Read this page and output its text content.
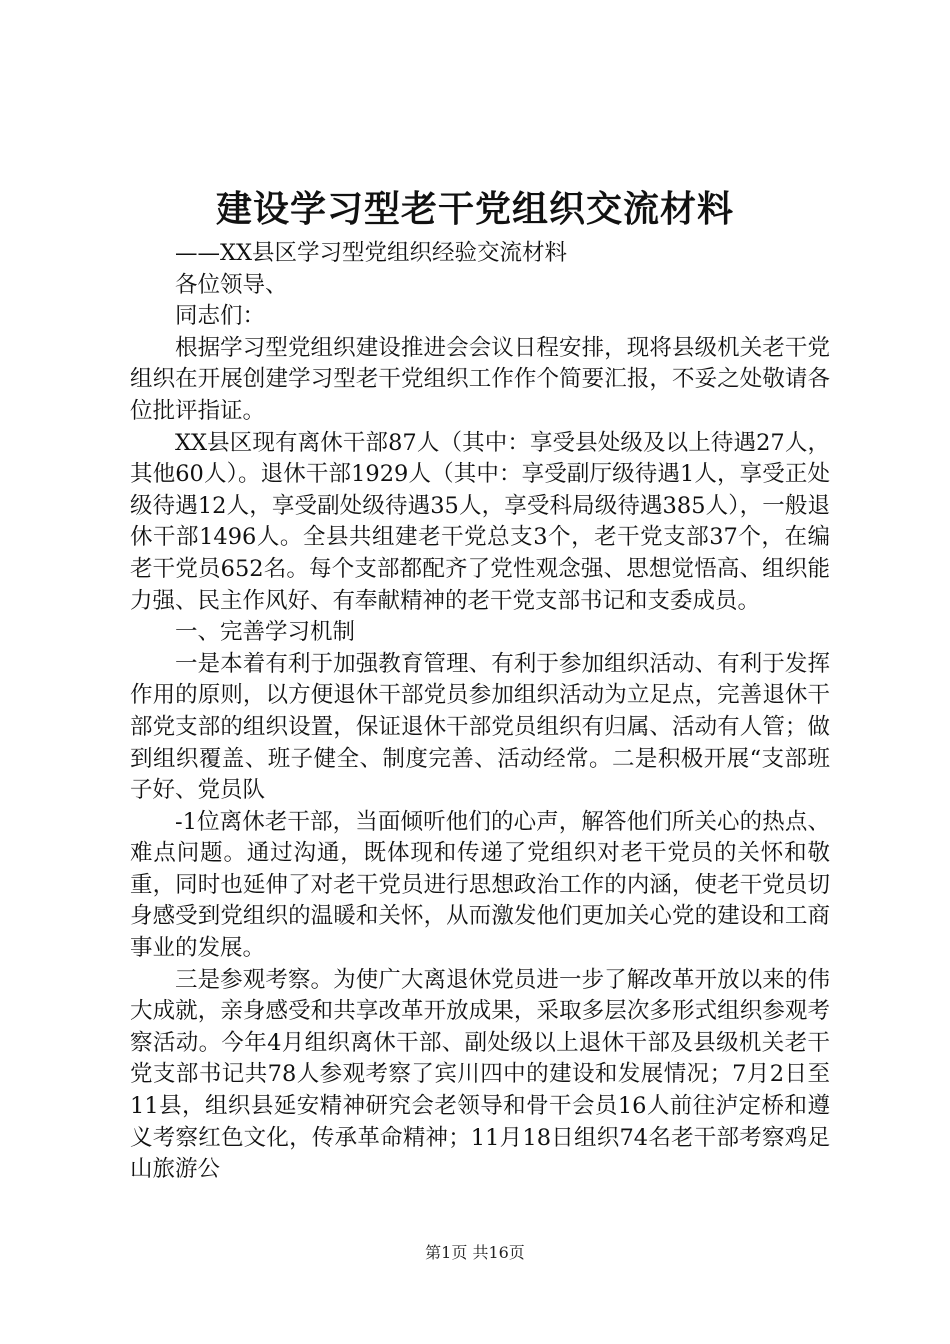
建设学习型老干党组织交流材料

——XX县区学习型党组织经验交流材料

各位领导、

同志们：

根据学习型党组织建设推进会会议日程安排，现将县级机关老干党组织在开展创建学习型老干党组织工作作个简要汇报，不妥之处敬请各位批评指证。

XX县区现有离休干部87人（其中：享受县处级及以上待遇27人，其他60人）。退休干部1929人（其中：享受副厅级待遇1人，享受正处级待遇12人，享受副处级待遇35人，享受科局级待遇385人），一般退休干部1496人。全县共组建老干党总支3个，老干党支部37个，在编老干党员652名。每个支部都配齐了党性观念强、思想觉悟高、组织能力强、民主作风好、有奉献精神的老干党支部书记和支委成员。

一、完善学习机制

一是本着有利于加强教育管理、有利于参加组织活动、有利于发挥作用的原则，以方便退休干部党员参加组织活动为立足点，完善退休干部党支部的组织设置，保证退休干部党员组织有归属、活动有人管；做到组织覆盖、班子健全、制度完善、活动经常。二是积极开展“支部班子好、党员队

-1位离休老干部，当面倾听他们的心声，解答他们所关心的热点、难点问题。通过沟通，既体现和传递了党组织对老干党员的关怀和敬重，同时也延伸了对老干党员进行思想政治工作的内涵，使老干党员切身感受到党组织的温暖和关怀，从而激发他们更加关心党的建设和工商事业的发展。

三是参观考察。为使广大离退休党员进一步了解改革开放以来的伟大成就，亲身感受和共享改革开放成果，采取多层次多形式组织参观考察活动。今年4月组织离休干部、副处级以上退休干部及县级机关老干党支部书记共78人参观考察了宾川四中的建设和发展情况；7月2日至11县，组织县延安精神研究会老领导和骨干会员16人前往泸定桥和遵义考察红色文化，传承革命精神；11月18日组织74名老干部考察鸡足山旅游公

第1页 共16页
